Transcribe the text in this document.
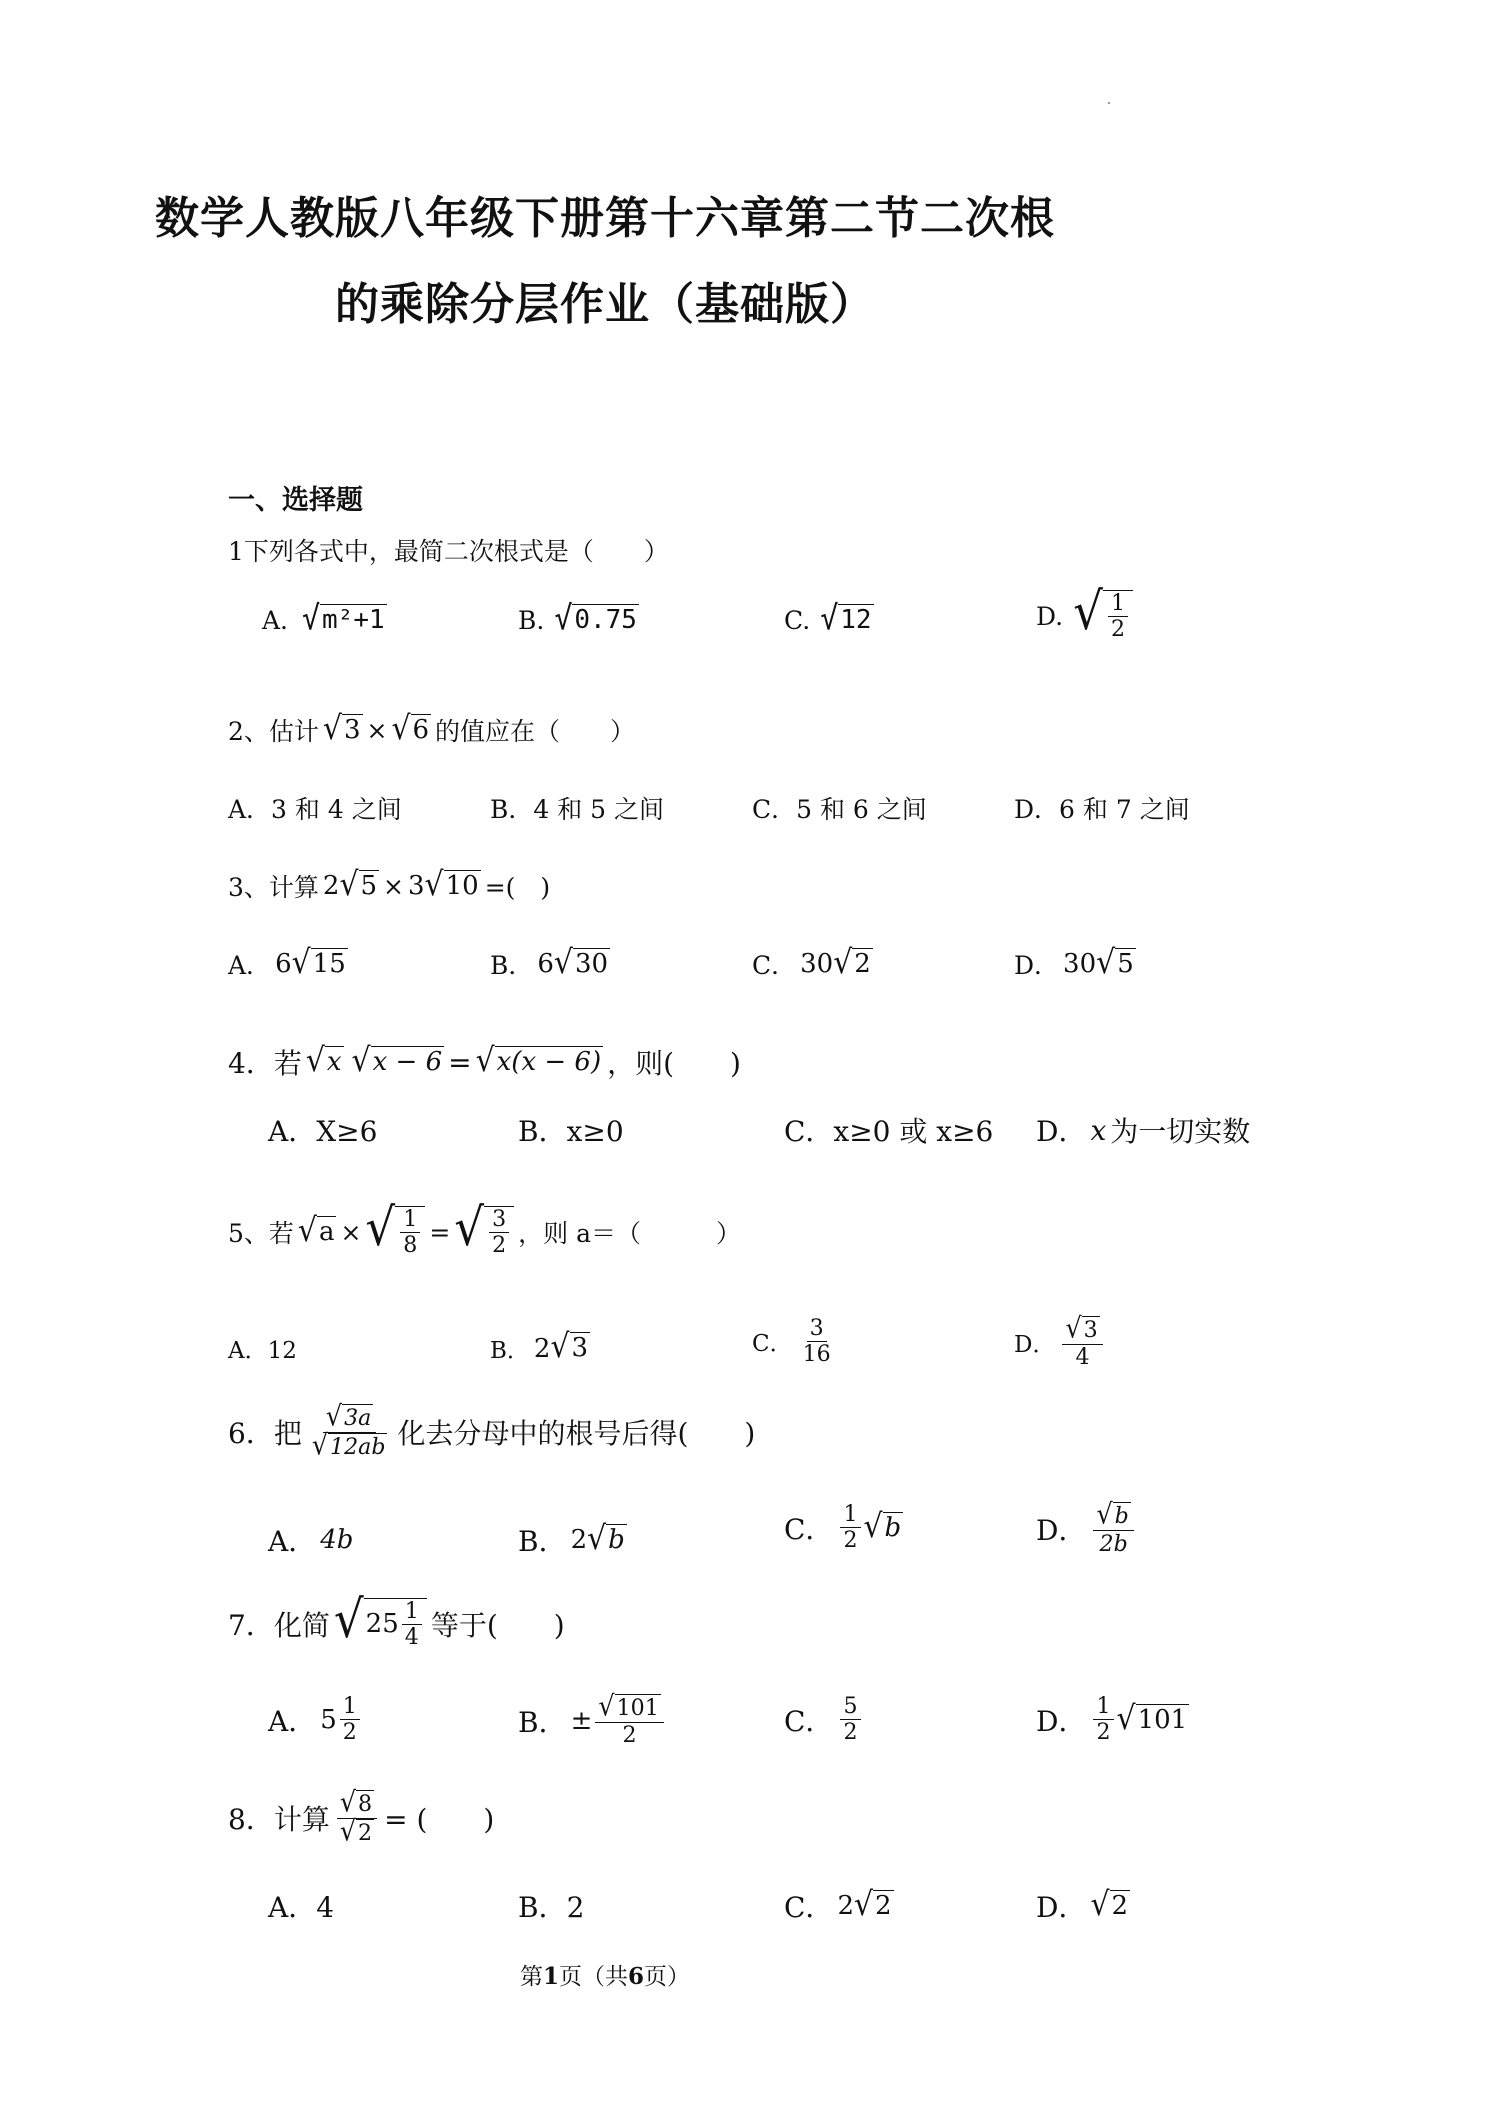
数学人教版八年级下册第十六章第二节二次根
的乘除分层作业（基础版）
一、选择题
1下列各式中，最简二次根式是（　　）
A. √ m²+1	B. √ 0.75	C. √ 12	D. √ $\frac{1}{2}$
2、估计 √ 3 × √ 6 的值应在（　　）
A．3 和 4 之间	B．4 和 5 之间	C．5 和 6 之间	D．6 和 7 之间
3、计算 2 √ 5 × 3 √ 10 =(　)
A． 6 √ 15	B． 6 √ 30	C． 30 √ 2	D． 30 √ 5
4．若 √ x √ x − 6 = √ x(x − 6) ，则(　　)
A．X≥6	B．x≥0	C．x≥0 或 x≥6 D． x 为一切实数
5、若 √ a × √ $\frac{1}{8}$ = √ $\frac{3}{2}$ ，则 a＝（　　　）
A．12	B． 2 √ 3	C． $\frac{3}{16}$	D． $\frac{√ 3}{4}$
6．把 $\frac{√ 3a}{√ 12ab}$ 化去分母中的根号后得(　　)
A． 4b	B． 2 √ b	C． $\frac{1}{2}$ √ b	D． $\frac{√ b}{2b}$
7．化简 √ $25 \frac{1}{4}$ 等于(　　)
A． $5 \frac{1}{2}$	B． ± $\frac{√ 101}{2}$	C． $\frac{5}{2}$	D． $\frac{1}{2}$ √ 101
8．计算 $\frac{√ 8}{√ 2}$ = (　　)
A．4	B．2	C． 2 √ 2	D． √ 2
第1页（共6页）
